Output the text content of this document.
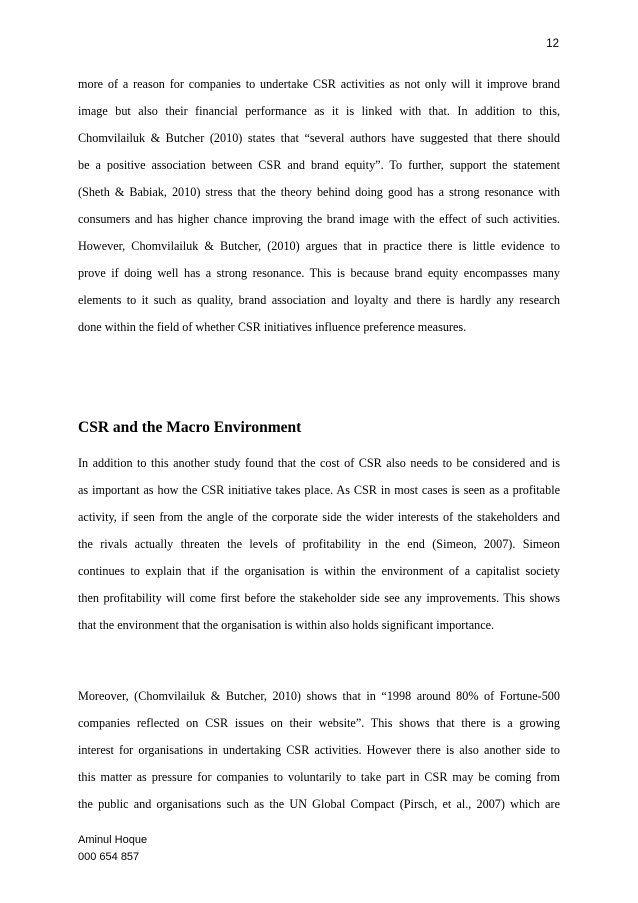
12
more of a reason for companies to undertake CSR activities as not only will it improve brand
image but also their financial performance as it is linked with that. In addition to this,
Chomvilailuk & Butcher (2010) states that “several authors have suggested that there should
be a positive association between CSR and brand equity”. To further, support the statement
(Sheth & Babiak, 2010) stress that the theory behind doing good has a strong resonance with
consumers and has higher chance improving the brand image with the effect of such activities.
However, Chomvilailuk & Butcher, (2010) argues that in practice there is little evidence to
prove if doing well has a strong resonance. This is because brand equity encompasses many
elements to it such as quality, brand association and loyalty and there is hardly any research
done within the field of whether CSR initiatives influence preference measures.
CSR and the Macro Environment
In addition to this another study found that the cost of CSR also needs to be considered and is
as important as how the CSR initiative takes place. As CSR in most cases is seen as a profitable
activity, if seen from the angle of the corporate side the wider interests of the stakeholders and
the rivals actually threaten the levels of profitability in the end (Simeon, 2007). Simeon
continues to explain that if the organisation is within the environment of a capitalist society
then profitability will come first before the stakeholder side see any improvements. This shows
that the environment that the organisation is within also holds significant importance.
Moreover, (Chomvilailuk & Butcher, 2010) shows that in “1998 around 80% of Fortune-500
companies reflected on CSR issues on their website”. This shows that there is a growing
interest for organisations in undertaking CSR activities. However there is also another side to
this matter as pressure for companies to voluntarily to take part in CSR may be coming from
the public and organisations such as the UN Global Compact (Pirsch, et al., 2007) which are
Aminul Hoque
000 654 857
